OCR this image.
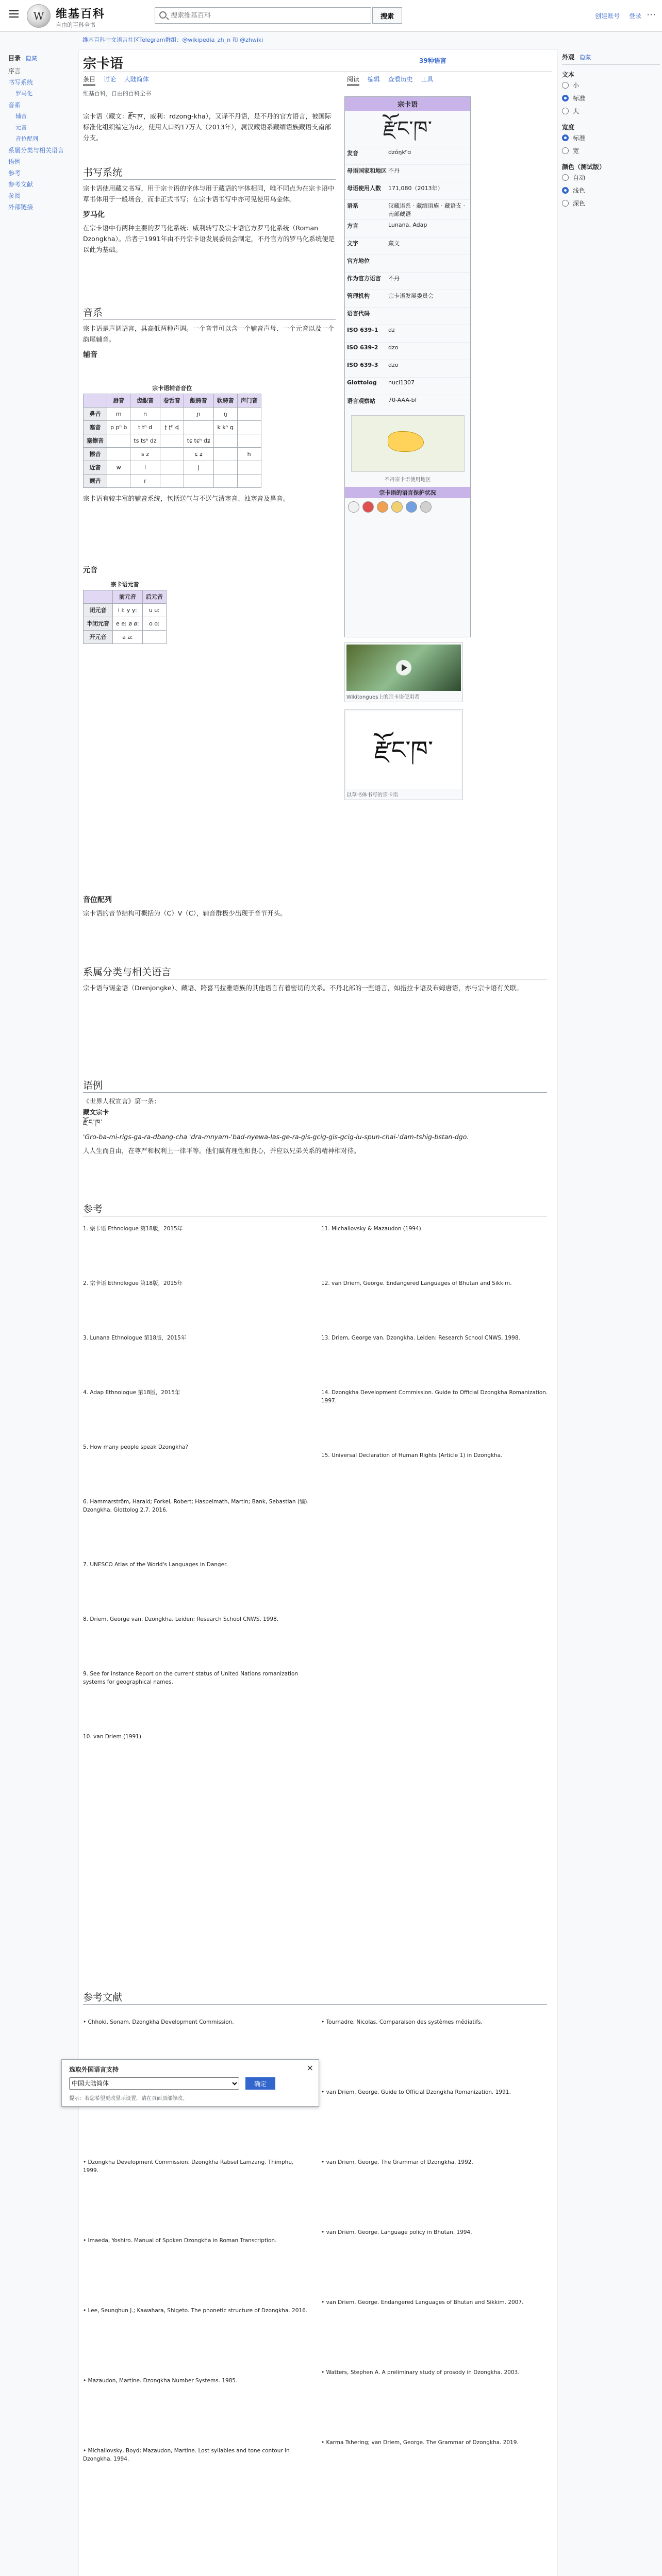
W	维基百科
自由的百科全书
搜索维基百科
搜索	创建账号 登录 ⋯
维基百科中文语言社区Telegram群组：@wikipedia_zh_n 和 @zhwiki
目录 隐藏
序言
书写系统
罗马化
音系
辅音
元音
音位配列
系属分类与相关语言
语例
参考
参考文献
参阅
外部链接
外观 隐藏
文本
小
标准
大
宽度
标准
宽
颜色（测试版）
自动
浅色
深色
宗卡语	39种语言
条目 讨论 大陆简体	阅读 编辑 查看历史 工具
维基百科，自由的百科全书

宗卡语（藏文：རྫོང་ཁ་，威利：rdzong-kha），又译不丹语，是不丹的官方语言，被国际标准化组织编定为dz，使用人口约17万人（2013年），属汉藏语系藏缅语族藏语支南部分支。

书写系统

宗卡语使用藏文书写，用于宗卡语的字体与用于藏语的字体相同，唯不同点为在宗卡语中草书体用于一般场合，而非正式书写；在宗卡语书写中亦可见使用乌金体。

罗马化

在宗卡语中有两种主要的罗马化系统：威利转写及宗卡语官方罗马化系统（Roman Dzongkha）。后者于1991年由不丹宗卡语发展委员会制定，不丹官方的罗马化系统便是以此为基础。

音系

宗卡语是声调语言，具高低两种声调。一个音节可以含一个辅音声母、一个元音以及一个韵尾辅音。

辅音
宗卡语辅音音位
	唇音	齿龈音	卷舌音	龈腭音	软腭音	声门音
鼻音	m	n		ɲ	ŋ	
塞音	p pʰ b	t tʰ d	ʈ ʈʰ ɖ		k kʰ ɡ	
塞擦音		ts tsʰ dz		tɕ tɕʰ dʑ		
擦音		s z		ɕ ʑ		h
近音	w	l		j		
颤音		r				

宗卡语有较丰富的辅音系统，包括送气与不送气清塞音、浊塞音及鼻音。

元音
宗卡语元音
	前元音	后元音
闭元音	i iː y yː	u uː
半闭元音	e eː ø øː	o oː
开元音	a aː	
音位配列

宗卡语的音节结构可概括为（C）V（C），辅音群极少出现于音节开头。

系属分类与相关语言

宗卡语与锡金语（Drenjongke）、藏语、跨喜马拉雅语族的其他语言有着密切的关系。不丹北部的一些语言，如措拉卡语及布姆唐语，亦与宗卡语有关联。

语例

《世界人权宣言》第一条：

藏文宗卡

རྫོང་ཁ་

'Gro-ba-mi-rigs-ga-ra-dbang-cha 'dra-mnyam-'bad-nyewa-las-ge-ra-gis-gcig-gis-gcig-lu-spun-chai-'dam-tshig-bstan-dgo.

人人生而自由，在尊严和权利上一律平等。他们赋有理性和良心，并应以兄弟关系的精神相对待。

参考
1. 宗卡语 Ethnologue 第18版，2015年
2. 宗卡语 Ethnologue 第18版，2015年
3. Lunana Ethnologue 第18版，2015年
4. Adap Ethnologue 第18版，2015年
5. How many people speak Dzongkha?
6. Hammarström, Harald; Forkel, Robert; Haspelmath, Martin; Bank, Sebastian (编). Dzongkha. Glottolog 2.7. 2016.
7. UNESCO Atlas of the World's Languages in Danger.
8. Driem, George van. Dzongkha. Leiden: Research School CNWS, 1998.
9. See for instance Report on the current status of United Nations romanization systems for geographical names.
10. van Driem (1991)
11. Michailovsky & Mazaudon (1994).
12. van Driem, George. Endangered Languages of Bhutan and Sikkim.
13. Driem, George van. Dzongkha. Leiden: Research School CNWS, 1998.
14. Dzongkha Development Commission. Guide to Official Dzongkha Romanization. 1997.
15. Universal Declaration of Human Rights (Article 1) in Dzongkha.
参考文献
• Chhoki, Sonam. Dzongkha Development Commission.
• Dzongkha Development Commission. Dzongkha Rabsel Lamzang. Thimphu, 1999.
• Imaeda, Yoshiro. Manual of Spoken Dzongkha in Roman Transcription.
• Lee, Seunghun J.; Kawahara, Shigeto. The phonetic structure of Dzongkha. 2016.
• Mazaudon, Martine. Dzongkha Number Systems. 1985.
• Michailovsky, Boyd; Mazaudon, Martine. Lost syllables and tone contour in Dzongkha. 1994.
• Tournadre, Nicolas. Comparaison des systèmes médiatifs.
• van Driem, George. Guide to Official Dzongkha Romanization. 1991.
• van Driem, George. The Grammar of Dzongkha. 1992.
• van Driem, George. Language policy in Bhutan. 1994.
• van Driem, George. Endangered Languages of Bhutan and Sikkim. 2007.
• Watters, Stephen A. A preliminary study of prosody in Dzongkha. 2003.
• Karma Tshering; van Driem, George. The Grammar of Dzongkha. 2019.
宗卡语
རྫོང་ཁ་
发音	dzóŋkʰɑ
母语国家和地区 不丹
母语使用人数	171,080（2013年）
语系	汉藏语系 · 藏缅语族 · 藏语支 · 南部藏语
方言	Lunana, Adap
文字	藏文
官方地位
作为官方语言	不丹
管理机构	宗卡语发展委员会
语言代码
ISO 639-1	dz
ISO 639-2	dzo
ISO 639-3	dzo
Glottolog	nucl1307
语言观察站	70-AAA-bf
不丹宗卡语使用地区
宗卡语的语言保护状况
Wikitongues上的宗卡语使用者
རྫོང་ཁ་
以草书体书写的宗卡语
选取外国语言支持	×
中国大陆简体
确定
提示：若您希望更改显示设置，请在页面顶部修改。
